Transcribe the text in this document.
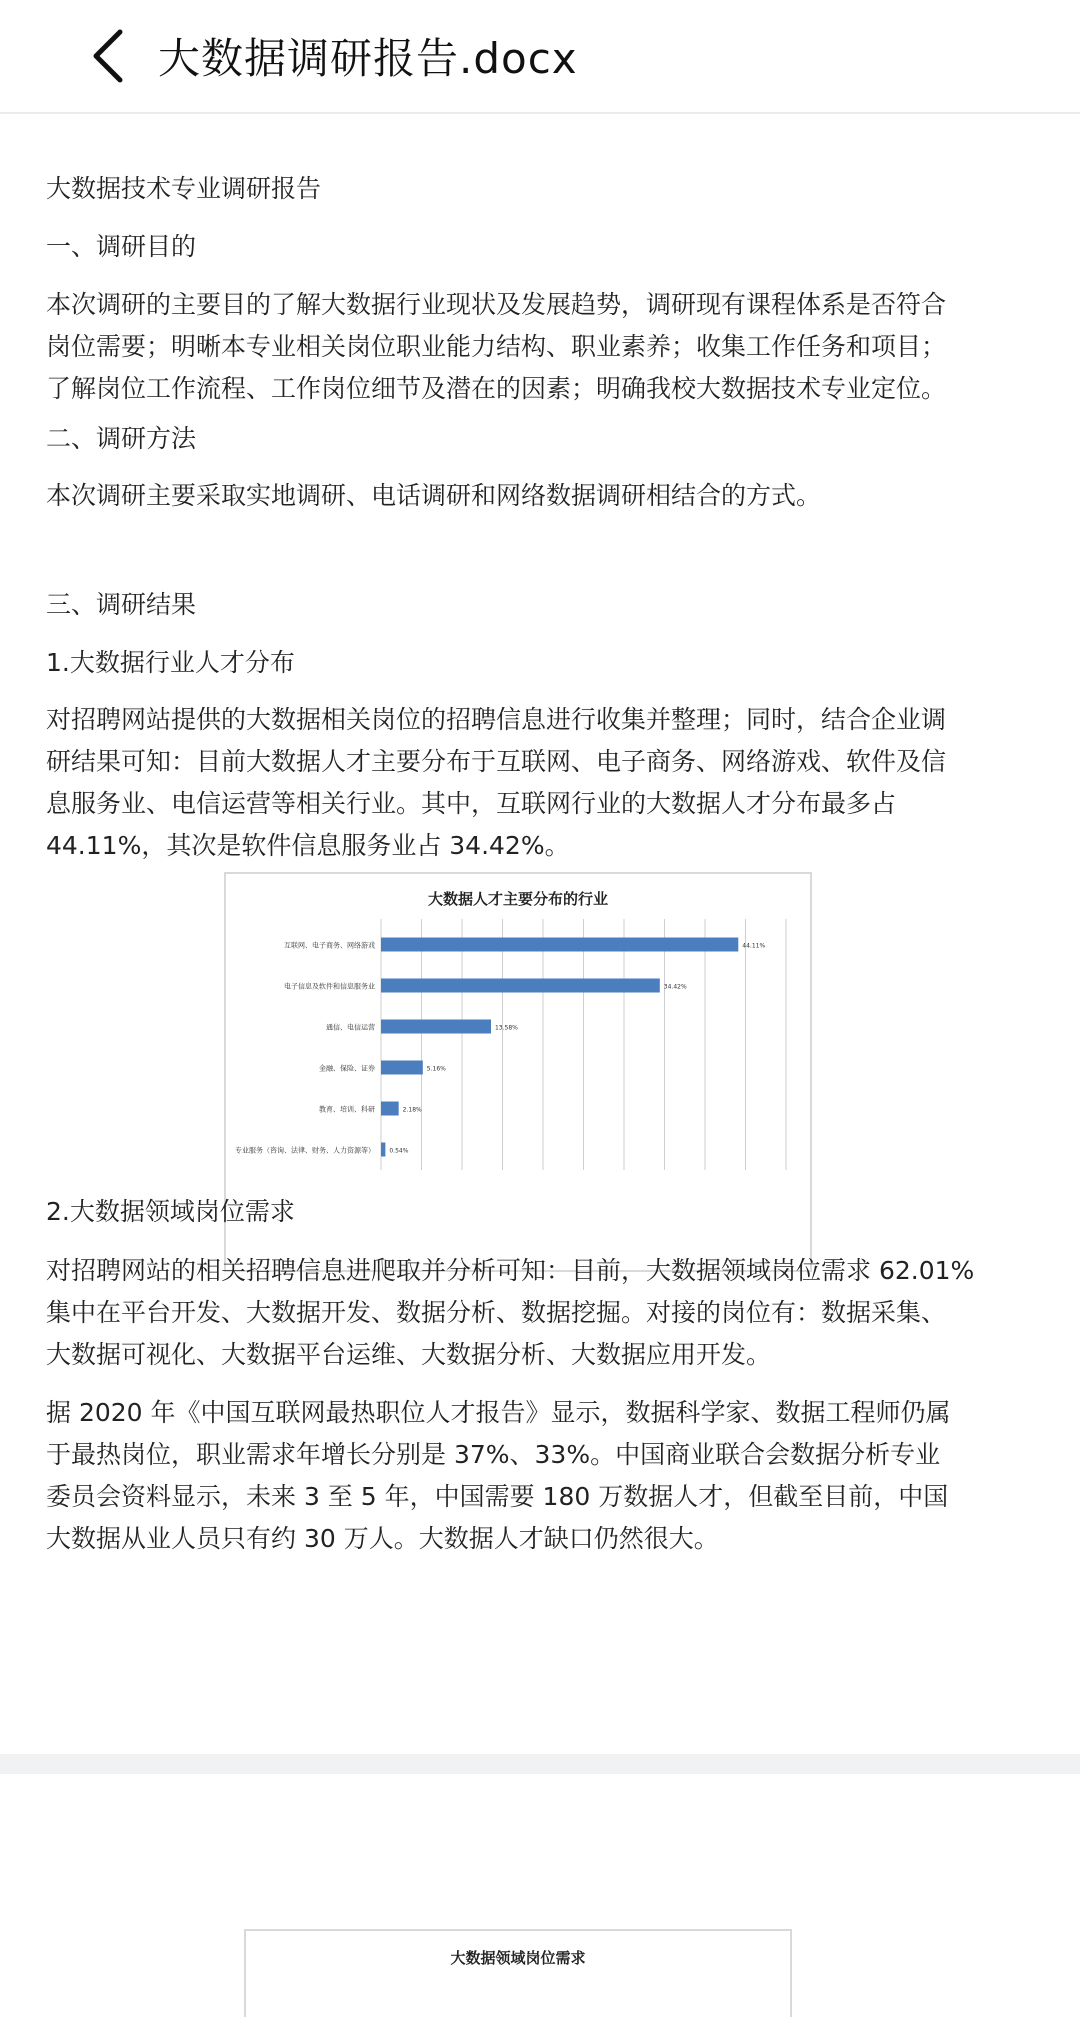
大数据调研报告.docx
大数据技术专业调研报告
一、调研目的
本次调研的主要目的了解大数据行业现状及发展趋势，调研现有课程体系是否符合
岗位需要；明晰本专业相关岗位职业能力结构、职业素养；收集工作任务和项目；
了解岗位工作流程、工作岗位细节及潜在的因素；明确我校大数据技术专业定位。
二、调研方法
本次调研主要采取实地调研、电话调研和网络数据调研相结合的方式。
三、调研结果
1.大数据行业人才分布
对招聘网站提供的大数据相关岗位的招聘信息进行收集并整理；同时，结合企业调
研结果可知：目前大数据人才主要分布于互联网、电子商务、网络游戏、软件及信
息服务业、电信运营等相关行业。其中，互联网行业的大数据人才分布最多占
44.11%，其次是软件信息服务业占 34.42%。
大数据人才主要分布的行业
44.11%
互联网、电子商务、网络游戏
34.42%
电子信息及软件和信息服务业
13.58%
通信、电信运营
5.16%
金融、保险、证券
2.18%
教育、培训、科研
0.54%
专业服务（咨询、法律、财务、人力资源等）
2.大数据领域岗位需求
对招聘网站的相关招聘信息进爬取并分析可知：目前，大数据领域岗位需求 62.01%
集中在平台开发、大数据开发、数据分析、数据挖掘。对接的岗位有：数据采集、
大数据可视化、大数据平台运维、大数据分析、大数据应用开发。
据 2020 年《中国互联网最热职位人才报告》显示，数据科学家、数据工程师仍属
于最热岗位，职业需求年增长分别是 37%、33%。中国商业联合会数据分析专业
委员会资料显示，未来 3 至 5 年，中国需要 180 万数据人才，但截至目前，中国
大数据从业人员只有约 30 万人。大数据人才缺口仍然很大。
大数据领域岗位需求
